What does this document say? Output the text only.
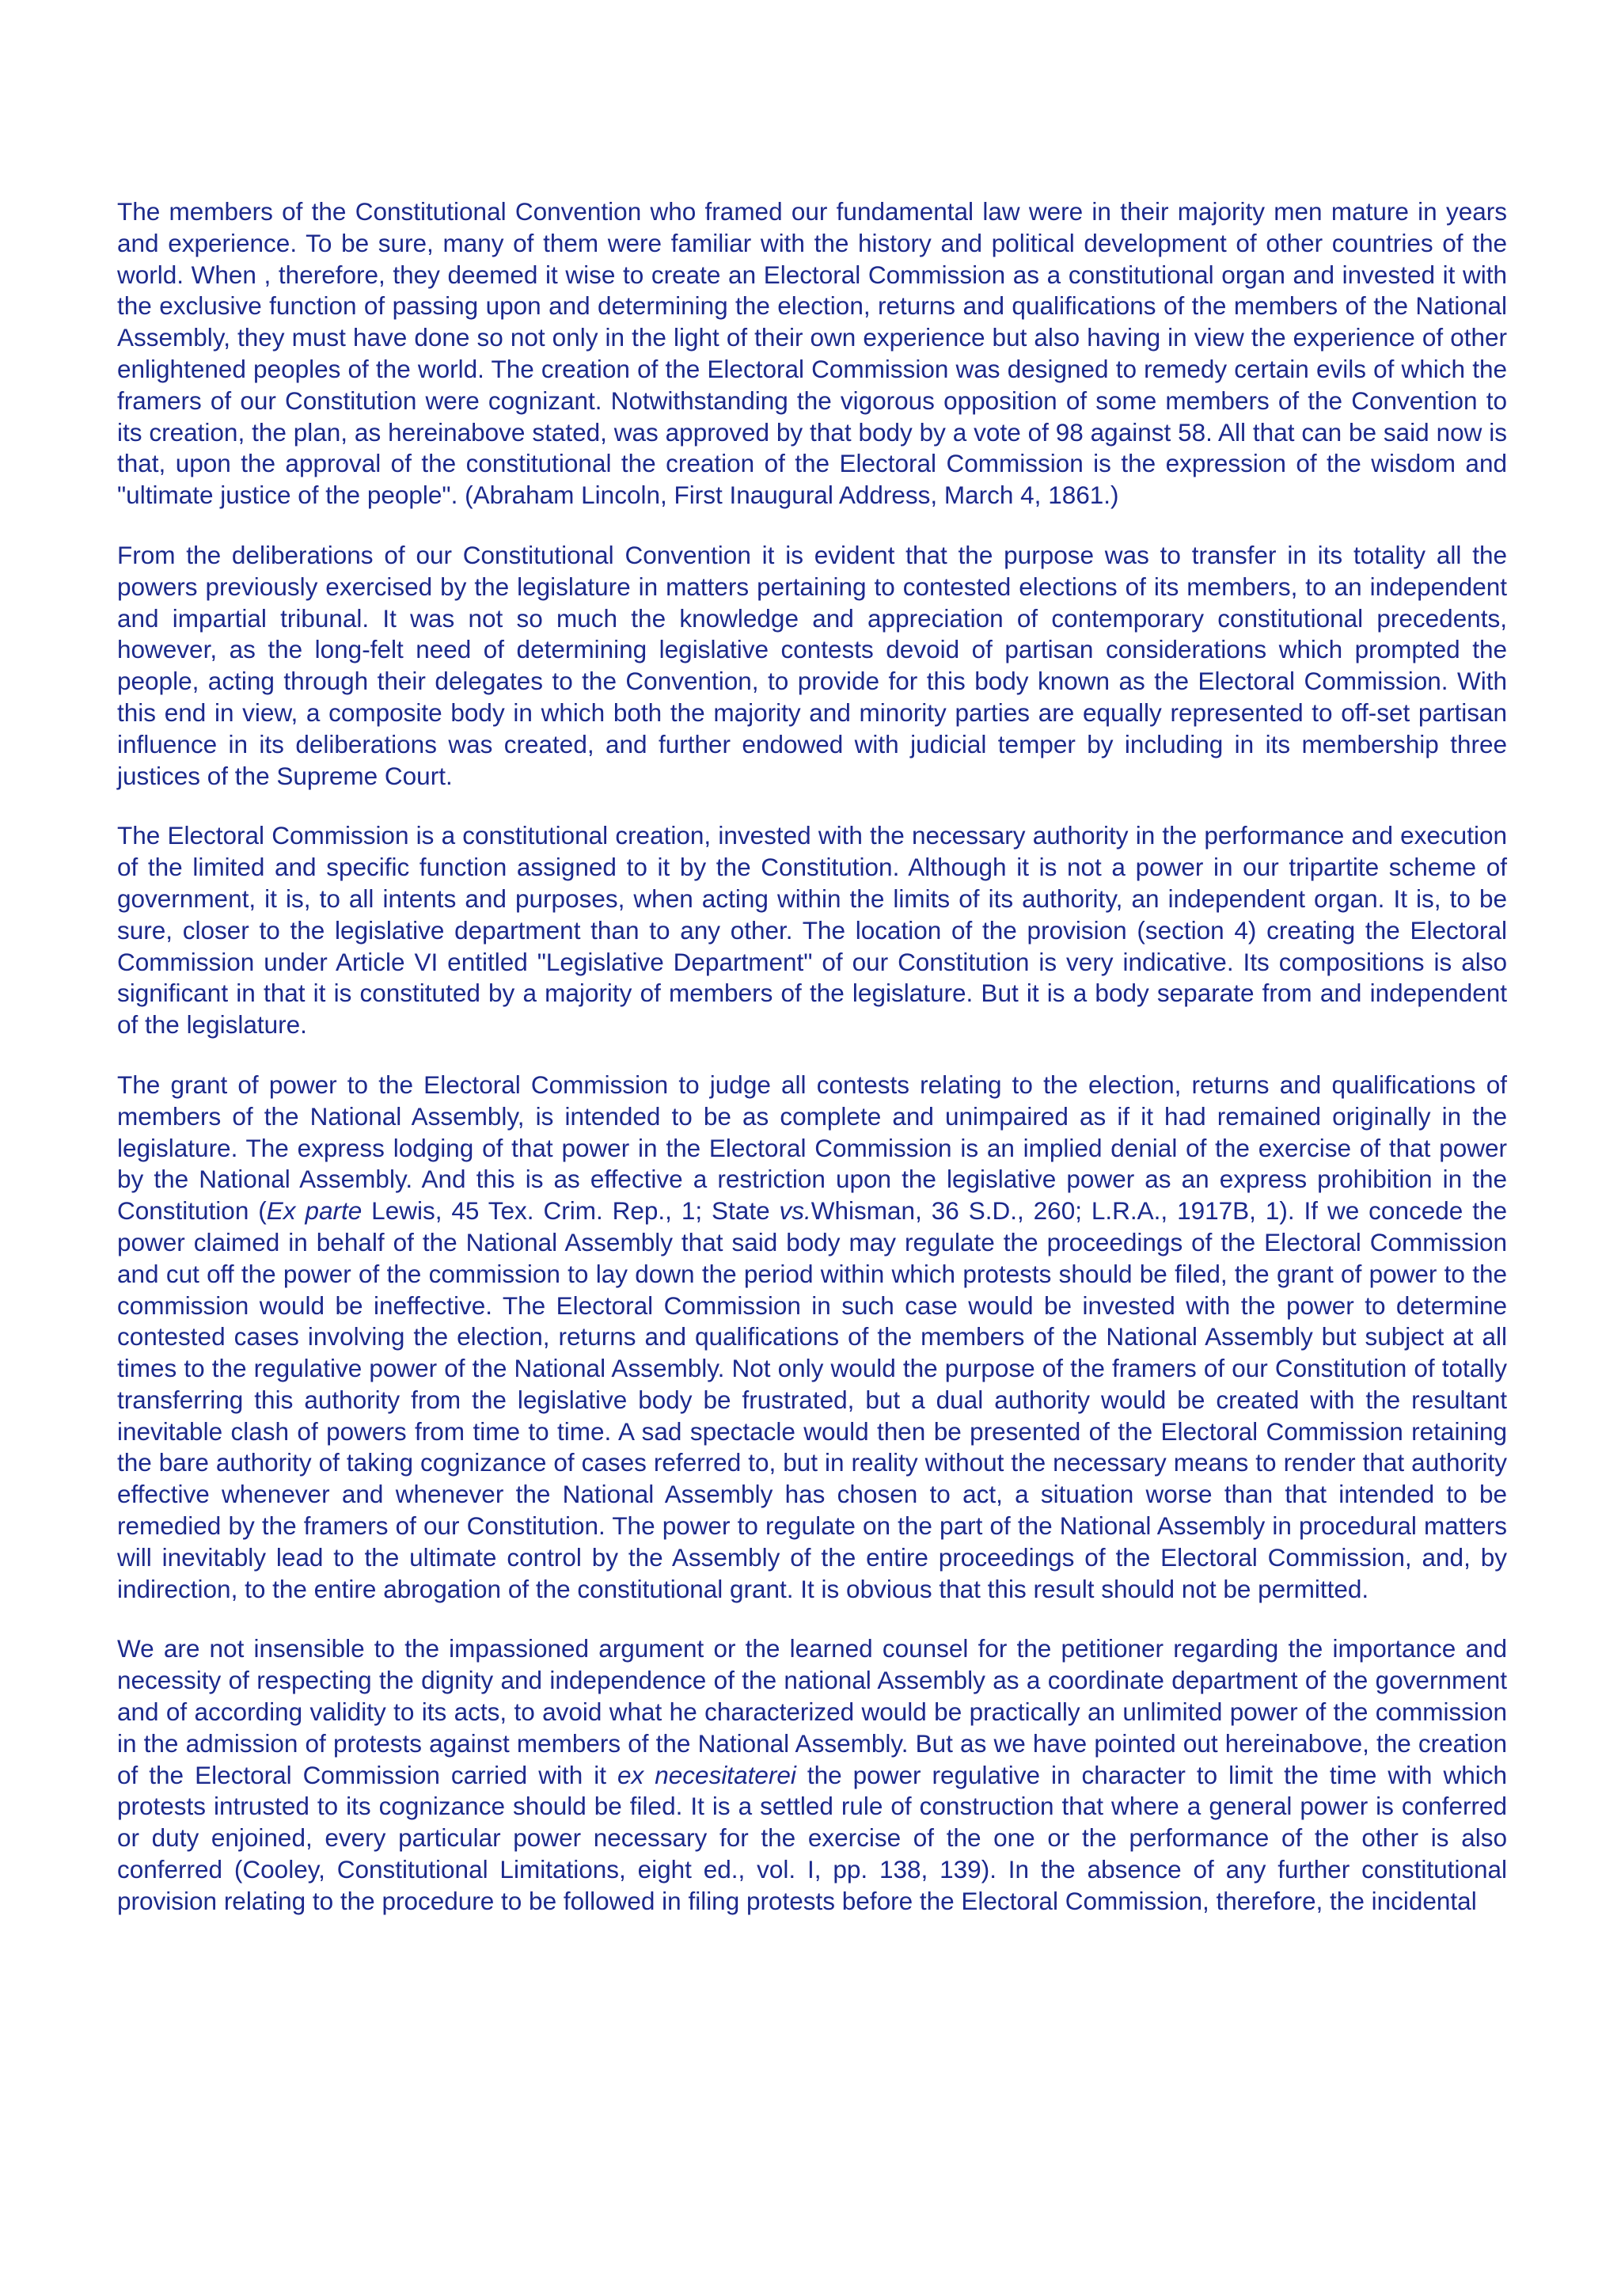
The members of the Constitutional Convention who framed our fundamental law were in their majority men mature in years and experience. To be sure, many of them were familiar with the history and political development of other countries of the world. When , therefore, they deemed it wise to create an Electoral Commission as a constitutional organ and invested it with the exclusive function of passing upon and determining the election, returns and qualifications of the members of the National Assembly, they must have done so not only in the light of their own experience but also having in view the experience of other enlightened peoples of the world. The creation of the Electoral Commission was designed to remedy certain evils of which the framers of our Constitution were cognizant. Notwithstanding the vigorous opposition of some members of the Convention to its creation, the plan, as hereinabove stated, was approved by that body by a vote of 98 against 58. All that can be said now is that, upon the approval of the constitutional the creation of the Electoral Commission is the expression of the wisdom and "ultimate justice of the people". (Abraham Lincoln, First Inaugural Address, March 4, 1861.)

From the deliberations of our Constitutional Convention it is evident that the purpose was to transfer in its totality all the powers previously exercised by the legislature in matters pertaining to contested elections of its members, to an independent and impartial tribunal. It was not so much the knowledge and appreciation of contemporary constitutional precedents, however, as the long-felt need of determining legislative contests devoid of partisan considerations which prompted the people, acting through their delegates to the Convention, to provide for this body known as the Electoral Commission. With this end in view, a composite body in which both the majority and minority parties are equally represented to off-set partisan influence in its deliberations was created, and further endowed with judicial temper by including in its membership three justices of the Supreme Court.

The Electoral Commission is a constitutional creation, invested with the necessary authority in the performance and execution of the limited and specific function assigned to it by the Constitution. Although it is not a power in our tripartite scheme of government, it is, to all intents and purposes, when acting within the limits of its authority, an independent organ. It is, to be sure, closer to the legislative department than to any other. The location of the provision (section 4) creating the Electoral Commission under Article VI entitled "Legislative Department" of our Constitution is very indicative. Its compositions is also significant in that it is constituted by a majority of members of the legislature. But it is a body separate from and independent of the legislature.

The grant of power to the Electoral Commission to judge all contests relating to the election, returns and qualifications of members of the National Assembly, is intended to be as complete and unimpaired as if it had remained originally in the legislature. The express lodging of that power in the Electoral Commission is an implied denial of the exercise of that power by the National Assembly. And this is as effective a restriction upon the legislative power as an express prohibition in the Constitution (Ex parte Lewis, 45 Tex. Crim. Rep., 1; State vs.Whisman, 36 S.D., 260; L.R.A., 1917B, 1). If we concede the power claimed in behalf of the National Assembly that said body may regulate the proceedings of the Electoral Commission and cut off the power of the commission to lay down the period within which protests should be filed, the grant of power to the commission would be ineffective. The Electoral Commission in such case would be invested with the power to determine contested cases involving the election, returns and qualifications of the members of the National Assembly but subject at all times to the regulative power of the National Assembly. Not only would the purpose of the framers of our Constitution of totally transferring this authority from the legislative body be frustrated, but a dual authority would be created with the resultant inevitable clash of powers from time to time. A sad spectacle would then be presented of the Electoral Commission retaining the bare authority of taking cognizance of cases referred to, but in reality without the necessary means to render that authority effective whenever and whenever the National Assembly has chosen to act, a situation worse than that intended to be remedied by the framers of our Constitution. The power to regulate on the part of the National Assembly in procedural matters will inevitably lead to the ultimate control by the Assembly of the entire proceedings of the Electoral Commission, and, by indirection, to the entire abrogation of the constitutional grant. It is obvious that this result should not be permitted.

We are not insensible to the impassioned argument or the learned counsel for the petitioner regarding the importance and necessity of respecting the dignity and independence of the national Assembly as a coordinate department of the government and of according validity to its acts, to avoid what he characterized would be practically an unlimited power of the commission in the admission of protests against members of the National Assembly. But as we have pointed out hereinabove, the creation of the Electoral Commission carried with it ex necesitaterei the power regulative in character to limit the time with which protests intrusted to its cognizance should be filed. It is a settled rule of construction that where a general power is conferred or duty enjoined, every particular power necessary for the exercise of the one or the performance of the other is also conferred (Cooley, Constitutional Limitations, eight ed., vol. I, pp. 138, 139). In the absence of any further constitutional provision relating to the procedure to be followed in filing protests before the Electoral Commission, therefore, the incidental
